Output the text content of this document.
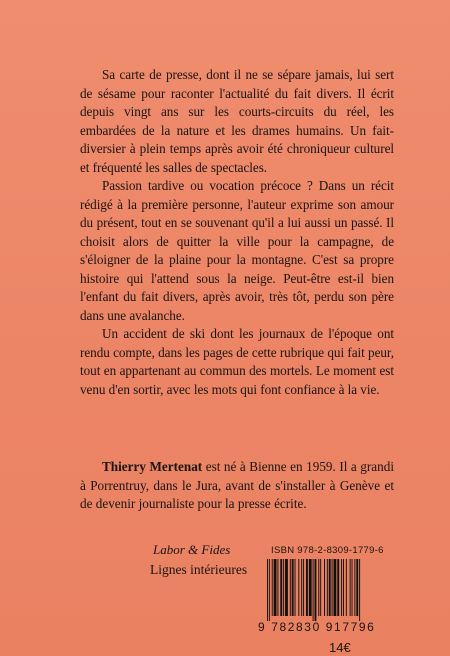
Sa carte de presse, dont il ne se sépare jamais, lui sert de sésame pour raconter l'actualité du fait divers. Il écrit depuis vingt ans sur les courts-circuits du réel, les embardées de la nature et les drames humains. Un fait-diversier à plein temps après avoir été chroniqueur culturel et fréquenté les salles de spectacles.

Passion tardive ou vocation précoce ? Dans un récit rédigé à la première personne, l'auteur exprime son amour du présent, tout en se souvenant qu'il a lui aussi un passé. Il choisit alors de quitter la ville pour la campagne, de s'éloigner de la plaine pour la montagne. C'est sa propre histoire qui l'attend sous la neige. Peut-être est-il bien l'enfant du fait divers, après avoir, très tôt, perdu son père dans une avalanche.

Un accident de ski dont les journaux de l'époque ont rendu compte, dans les pages de cette rubrique qui fait peur, tout en appartenant au commun des mortels. Le moment est venu d'en sortir, avec les mots qui font confiance à la vie.

Thierry Mertenat est né à Bienne en 1959. Il a grandi à Porrentruy, dans le Jura, avant de s'installer à Genève et de devenir journaliste pour la presse écrite.

Labor & Fides
Lignes intérieures
ISBN 978-2-8309-1779-6
9 782830 917796
14€
